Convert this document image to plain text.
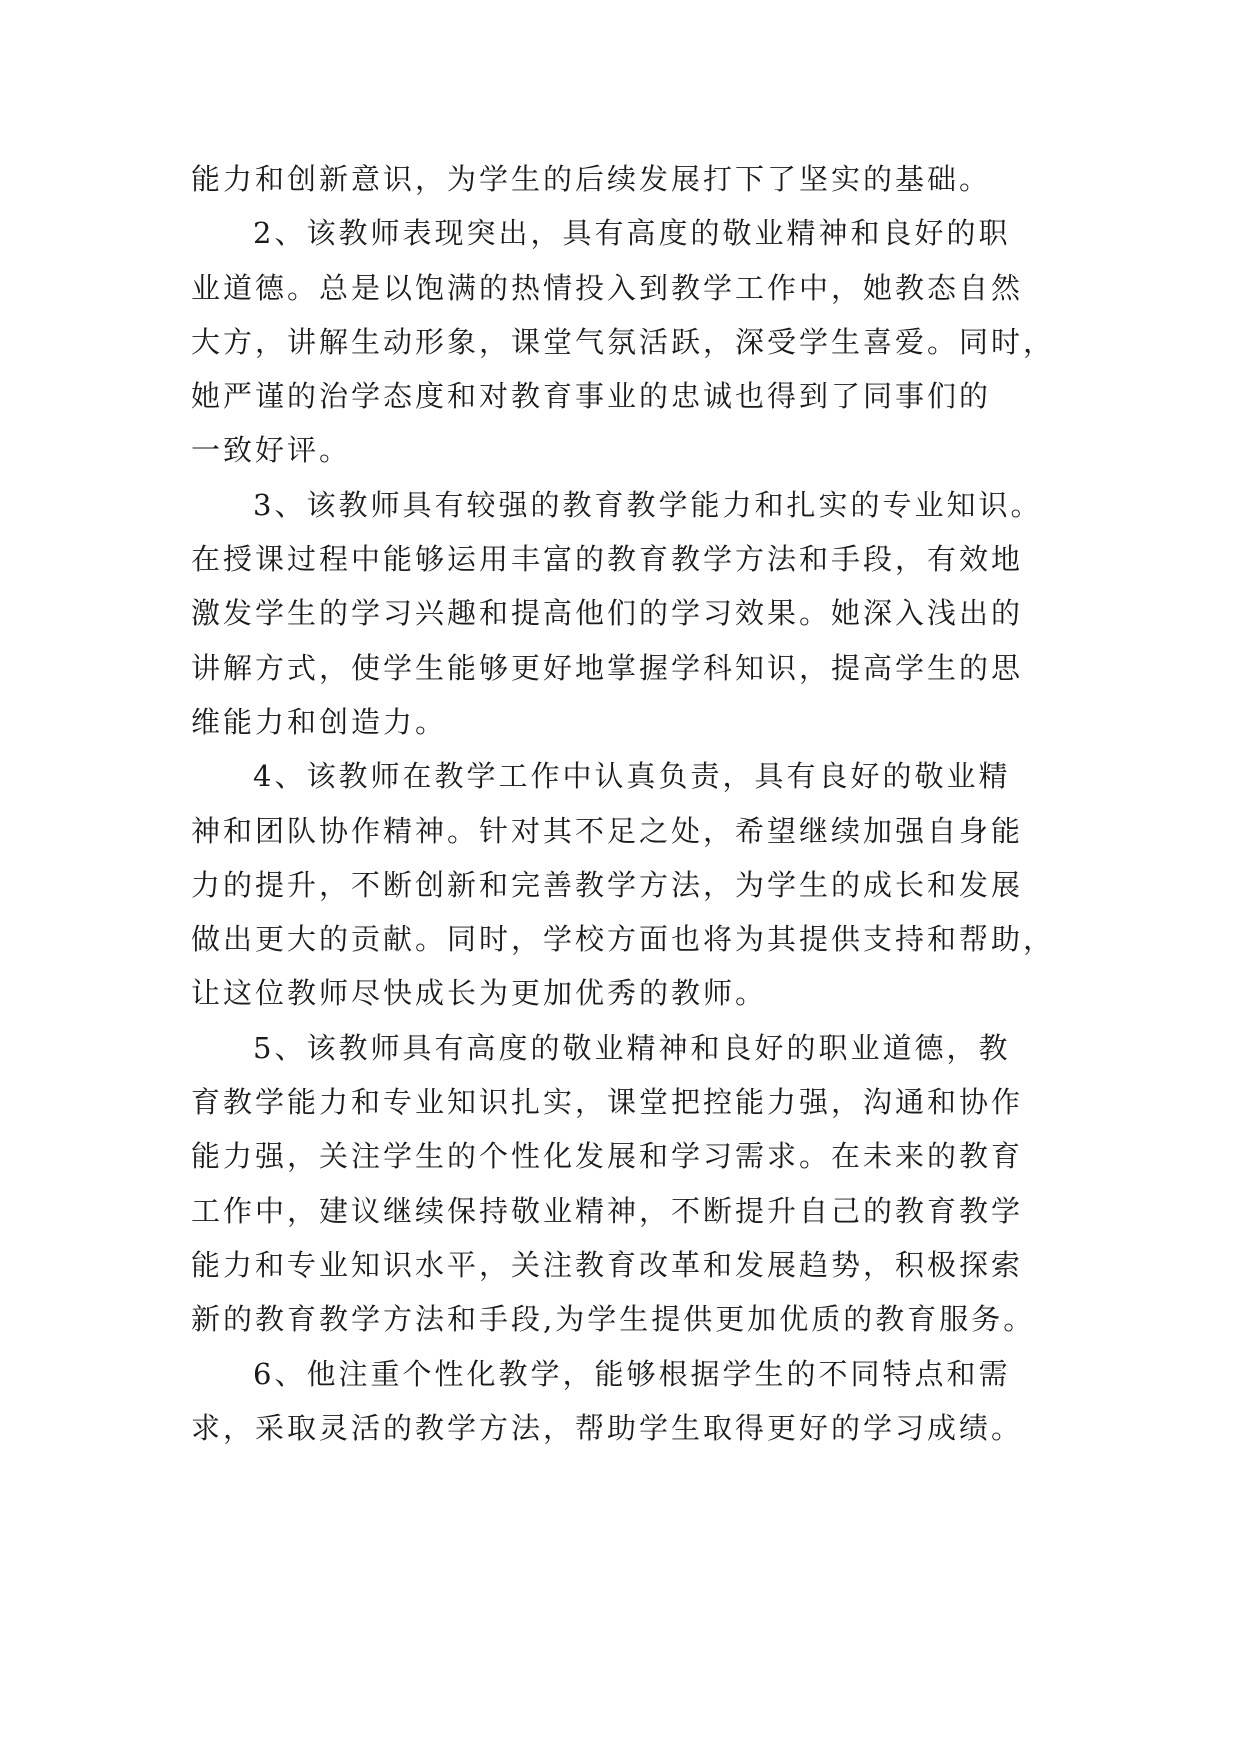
能力和创新意识，为学生的后续发展打下了坚实的基础。
2、该教师表现突出，具有高度的敬业精神和良好的职
业道德。总是以饱满的热情投入到教学工作中，她教态自然
大方，讲解生动形象，课堂气氛活跃，深受学生喜爱。同时，
她严谨的治学态度和对教育事业的忠诚也得到了同事们的
一致好评。
3、该教师具有较强的教育教学能力和扎实的专业知识。
在授课过程中能够运用丰富的教育教学方法和手段，有效地
激发学生的学习兴趣和提高他们的学习效果。她深入浅出的
讲解方式，使学生能够更好地掌握学科知识，提高学生的思
维能力和创造力。
4、该教师在教学工作中认真负责，具有良好的敬业精
神和团队协作精神。针对其不足之处，希望继续加强自身能
力的提升，不断创新和完善教学方法，为学生的成长和发展
做出更大的贡献。同时，学校方面也将为其提供支持和帮助，
让这位教师尽快成长为更加优秀的教师。
5、该教师具有高度的敬业精神和良好的职业道德，教
育教学能力和专业知识扎实，课堂把控能力强，沟通和协作
能力强，关注学生的个性化发展和学习需求。在未来的教育
工作中，建议继续保持敬业精神，不断提升自己的教育教学
能力和专业知识水平，关注教育改革和发展趋势，积极探索
新的教育教学方法和手段,为学生提供更加优质的教育服务。
6、他注重个性化教学，能够根据学生的不同特点和需
求，采取灵活的教学方法，帮助学生取得更好的学习成绩。
